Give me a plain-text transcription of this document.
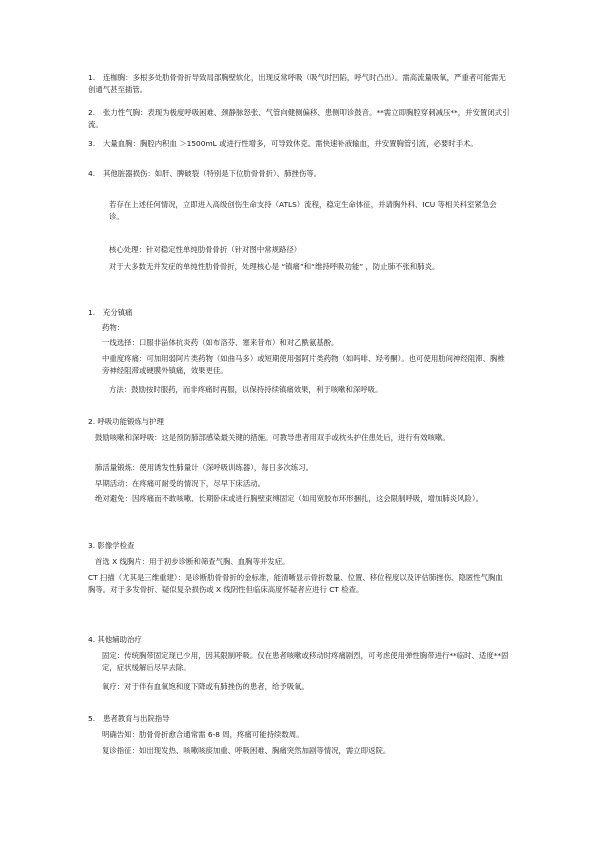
1. 连枷胸：多根多处肋骨骨折导致局部胸壁软化，出现反常呼吸（吸气时凹陷，呼气时凸出）。需高流量吸氧，严重者可能需无创通气甚至插管。
2. 张力性气胸：表现为极度呼吸困难、颈静脉怒张、气管向健侧偏移、患侧叩诊鼓音。**需立即胸腔穿刺减压**，并安置闭式引流。
3. 大量血胸：胸腔内积血 ＞1500mL 或进行性增多，可导致休克。需快速补液输血，并安置胸管引流，必要时手术。
4. 其他脏器损伤：如肝、脾破裂（特别是下位肋骨骨折）、肺挫伤等。
若存在上述任何情况，立即进入高级创伤生命支持（ATLS）流程，稳定生命体征，并请胸外科、ICU 等相关科室紧急会诊。
核心处理：针对稳定性单纯肋骨骨折（针对图中常规路径）
对于大多数无并发症的单纯性肋骨骨折，处理核心是 “镇痛”和“维持呼吸功能” ，防止肺不张和肺炎。
1. 充分镇痛
药物：
一线选择：口服非甾体抗炎药（如布洛芬、塞来昔布）和对乙酰氨基酚。
中重度疼痛：可加用弱阿片类药物（如曲马多）或短期使用强阿片类药物（如吗啡、羟考酮）。也可使用肋间神经阻滞、胸椎旁神经阻滞或硬膜外镇痛，效果更佳。
方法：鼓励按时服药，而非疼痛时再服，以保持持续镇痛效果，利于咳嗽和深呼吸。
2. 呼吸功能锻炼与护理
鼓励咳嗽和深呼吸：这是预防肺部感染最关键的措施。可教导患者用双手或枕头护住患处后，进行有效咳嗽。
肺活量锻炼：使用诱发性肺量计（深呼吸训练器），每日多次练习。
早期活动：在疼痛可耐受的情况下，尽早下床活动。
绝对避免：因疼痛而不敢咳嗽、长期卧床或进行胸壁束缚固定（如用宽胶布环形捆扎，这会限制呼吸，增加肺炎风险）。
3. 影像学检查
首选 X 线胸片：用于初步诊断和筛查气胸、血胸等并发症。
CT 扫描（尤其是三维重建）：是诊断肋骨骨折的金标准，能清晰显示骨折数量、位置、移位程度以及评估肺挫伤、隐匿性气胸血胸等。对于多发骨折、疑似复杂损伤或 X 线阴性但临床高度怀疑者应进行 CT 检查。
4. 其他辅助治疗
固定：传统胸带固定现已少用，因其限制呼吸。仅在患者咳嗽或移动时疼痛剧烈，可考虑使用弹性胸带进行**临时、适度**固定，症状缓解后尽早去除。
氧疗：对于伴有血氧饱和度下降或有肺挫伤的患者，给予吸氧。
5. 患者教育与出院指导
明确告知：肋骨骨折愈合通常需 6-8 周，疼痛可能持续数周。
复诊指征：如出现发热、咳嗽咳痰加重、呼吸困难、胸痛突然加剧等情况，需立即返院。
